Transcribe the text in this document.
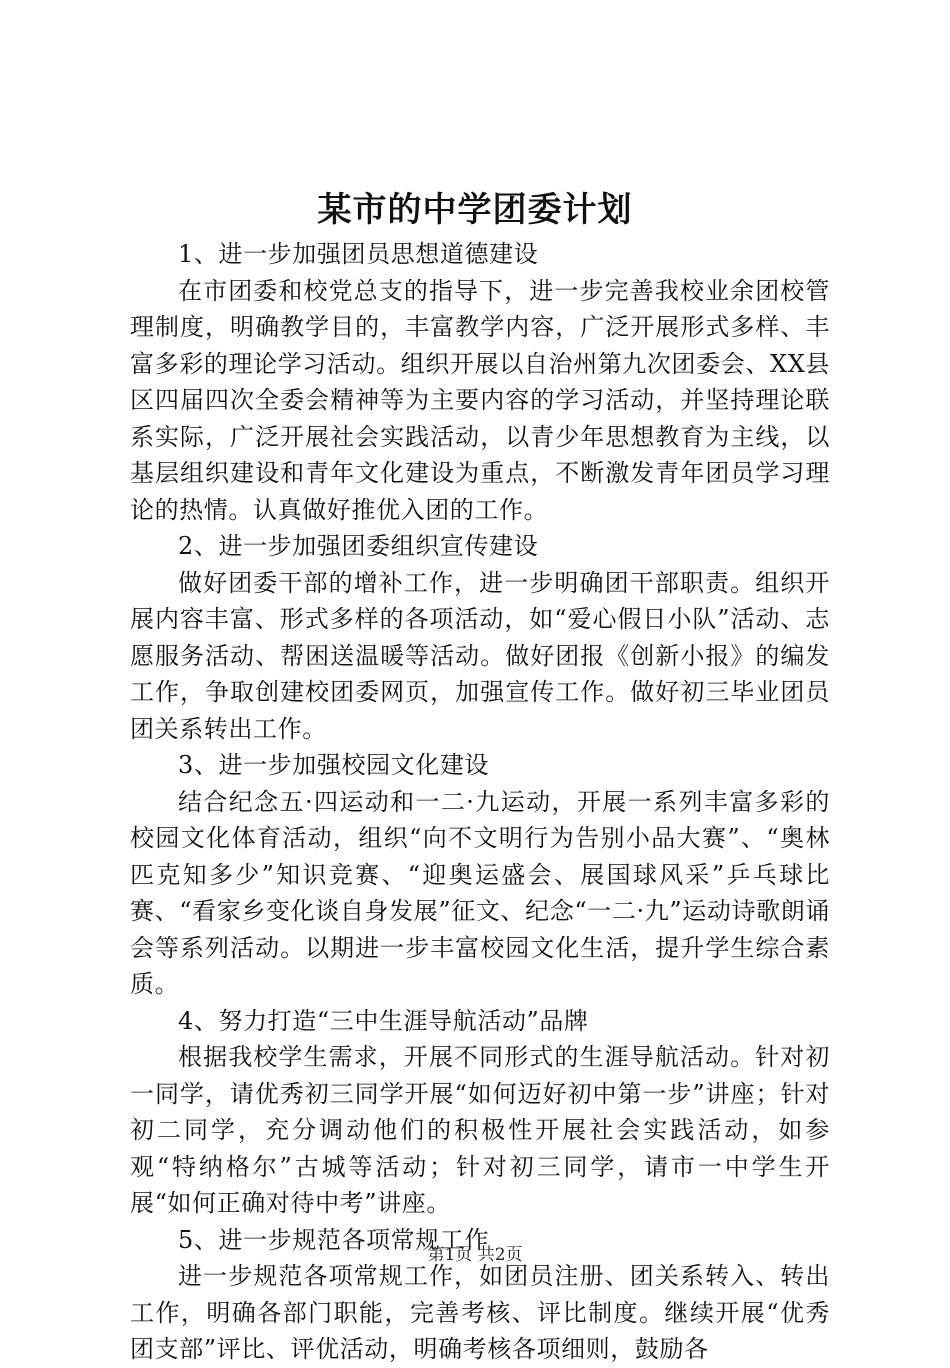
某市的中学团委计划

1、进一步加强团员思想道德建设

在市团委和校党总支的指导下，进一步完善我校业余团校管理制度，明确教学目的，丰富教学内容，广泛开展形式多样、丰富多彩的理论学习活动。组织开展以自治州第九次团委会、XX县区四届四次全委会精神等为主要内容的学习活动，并坚持理论联系实际，广泛开展社会实践活动，以青少年思想教育为主线，以基层组织建设和青年文化建设为重点，不断激发青年团员学习理论的热情。认真做好推优入团的工作。

2、进一步加强团委组织宣传建设

做好团委干部的增补工作，进一步明确团干部职责。组织开展内容丰富、形式多样的各项活动，如“爱心假日小队”活动、志愿服务活动、帮困送温暖等活动。做好团报《创新小报》的编发工作，争取创建校团委网页，加强宣传工作。做好初三毕业团员团关系转出工作。

3、进一步加强校园文化建设

结合纪念五·四运动和一二·九运动，开展一系列丰富多彩的校园文化体育活动，组织“向不文明行为告别小品大赛”、“奥林匹克知多少”知识竞赛、“迎奥运盛会、展国球风采”乒乓球比赛、“看家乡变化谈自身发展”征文、纪念“一二·九”运动诗歌朗诵会等系列活动。以期进一步丰富校园文化生活，提升学生综合素质。

4、努力打造“三中生涯导航活动”品牌

根据我校学生需求，开展不同形式的生涯导航活动。针对初一同学，请优秀初三同学开展“如何迈好初中第一步”讲座；针对初二同学，充分调动他们的积极性开展社会实践活动，如参观“特纳格尔”古城等活动；针对初三同学，请市一中学生开展“如何正确对待中考”讲座。

5、进一步规范各项常规工作

进一步规范各项常规工作，如团员注册、团关系转入、转出工作，明确各部门职能，完善考核、评比制度。继续开展“优秀团支部”评比、评优活动，明确考核各项细则，鼓励各

第1页 共2页
